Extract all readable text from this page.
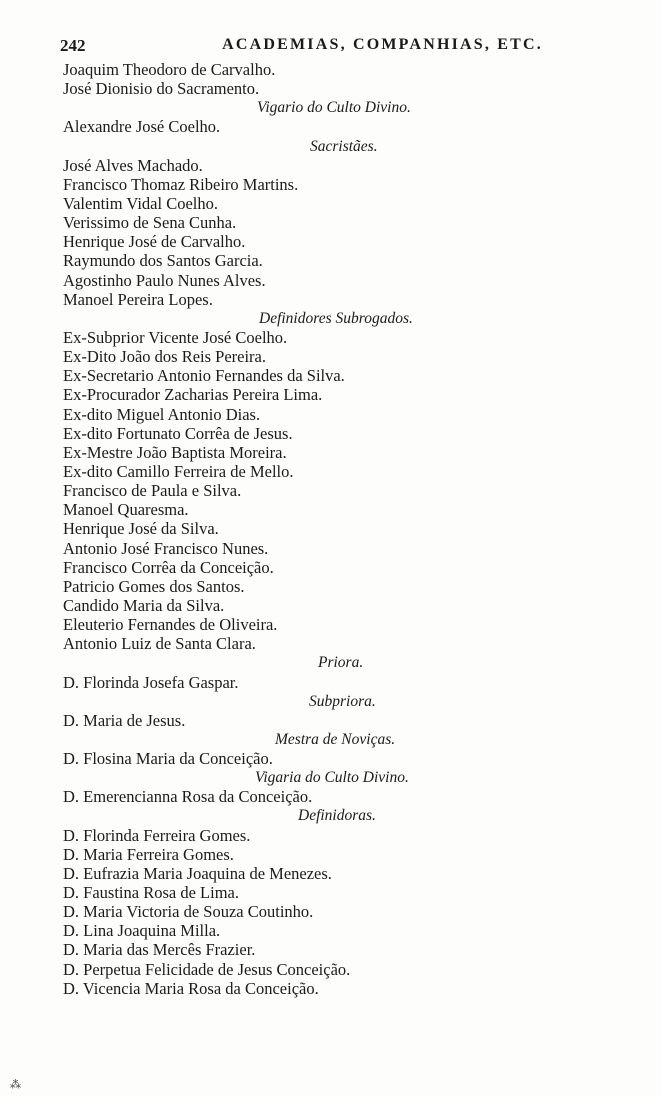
242	ACADEMIAS, COMPANHIAS, ETC.
Joaquim Theodoro de Carvalho.
José Dionisio do Sacramento.
Vigario do Culto Divino.
Alexandre José Coelho.
Sacristães.
José Alves Machado.
Francisco Thomaz Ribeiro Martins.
Valentim Vidal Coelho.
Verissimo de Sena Cunha.
Henrique José de Carvalho.
Raymundo dos Santos Garcia.
Agostinho Paulo Nunes Alves.
Manoel Pereira Lopes.
Definidores Subrogados.
Ex-Subprior Vicente José Coelho.
Ex-Dito João dos Reis Pereira.
Ex-Secretario Antonio Fernandes da Silva.
Ex-Procurador Zacharias Pereira Lima.
Ex-dito Miguel Antonio Dias.
Ex-dito Fortunato Corrêa de Jesus.
Ex-Mestre João Baptista Moreira.
Ex-dito Camillo Ferreira de Mello.
Francisco de Paula e Silva.
Manoel Quaresma.
Henrique José da Silva.
Antonio José Francisco Nunes.
Francisco Corrêa da Conceição.
Patricio Gomes dos Santos.
Candido Maria da Silva.
Eleuterio Fernandes de Oliveira.
Antonio Luiz de Santa Clara.
Priora.
D. Florinda Josefa Gaspar.
Subpriora.
D. Maria de Jesus.
Mestra de Noviças.
D. Flosina Maria da Conceição.
Vigaria do Culto Divino.
D. Emerencianna Rosa da Conceição.
Definidoras.
D. Florinda Ferreira Gomes.
D. Maria Ferreira Gomes.
D. Eufrazia Maria Joaquina de Menezes.
D. Faustina Rosa de Lima.
D. Maria Victoria de Souza Coutinho.
D. Lina Joaquina Milla.
D. Maria das Mercês Frazier.
D. Perpetua Felicidade de Jesus Conceição.
D. Vicencia Maria Rosa da Conceição.
⁂
